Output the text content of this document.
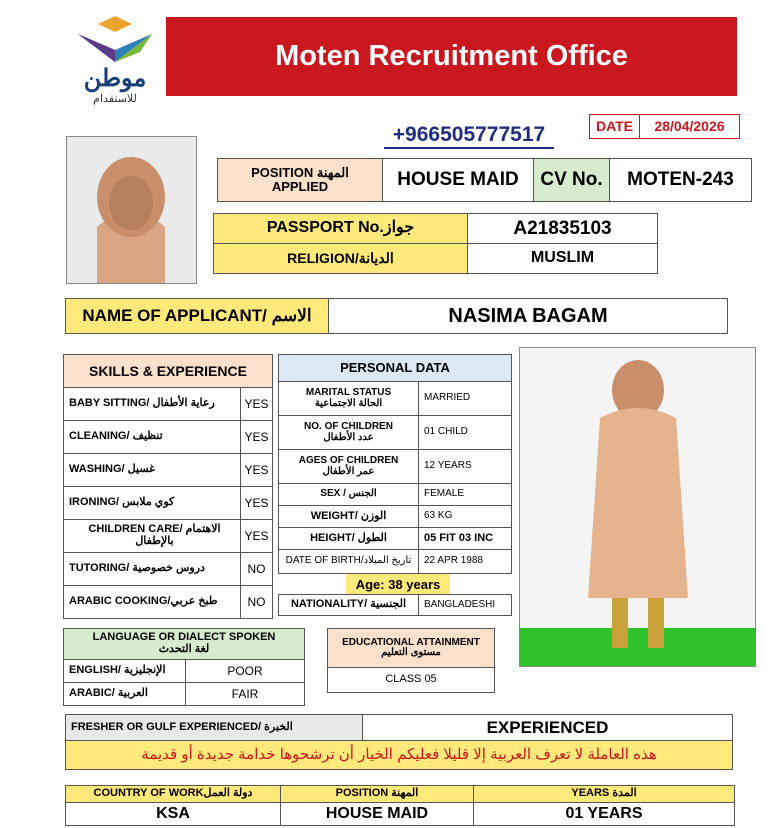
موطن
للاستقدام
Moten Recruitment Office
+966505777517	DATE	28/04/2026
POSITION المهنة
APPLIED	HOUSE MAID	CV No.	MOTEN-243
PASSPORT No.جواز	A21835103
RELIGION/الديانة	MUSLIM
NAME OF APPLICANT/ الاسم	NASIMA BAGAM
SKILLS & EXPERIENCE
BABY SITTING/ رعاية الأطفال	YES
CLEANING/ تنظيف	YES
WASHING/ غسيل	YES
IRONING/ كوي ملابس	YES
CHILDREN CARE/ الاهتمام بالإطفال	YES
TUTORING/ دروس خصوصية	NO
ARABIC COOKING/طبخ عربي	NO
PERSONAL DATA
MARITAL STATUS
الحالة الاجتماعية	MARRIED
NO. OF CHILDREN
عدد الأطفال	01 CHILD
AGES OF CHILDREN
عمر الأطفال	12 YEARS
SEX / الجنس	FEMALE
WEIGHT/ الوزن	63 KG
HEIGHT/ الطول	05 FIT 03 INC
DATE OF BIRTH/تاريخ الميلاد	22 APR 1988
Age: 38 years
NATIONALITY/ الجنسية	BANGLADESHI
LANGUAGE OR DIALECT SPOKEN
لغة التحدث
ENGLISH/ الإنجليزية	POOR
ARABIC/ العربية	FAIR
EDUCATIONAL ATTAINMENT
مستوى التعليم
CLASS 05
FRESHER OR GULF EXPERIENCED/ الخبرة	EXPERIENCED
هذه العاملة لا تعرف العربية إلا قليلا فعليكم الخيار أن ترشحوها خدامة جديدة أو قديمة
COUNTRY OF WORKدولة العمل	POSITION المهنة	YEARS المدة
KSA	HOUSE MAID	01 YEARS
